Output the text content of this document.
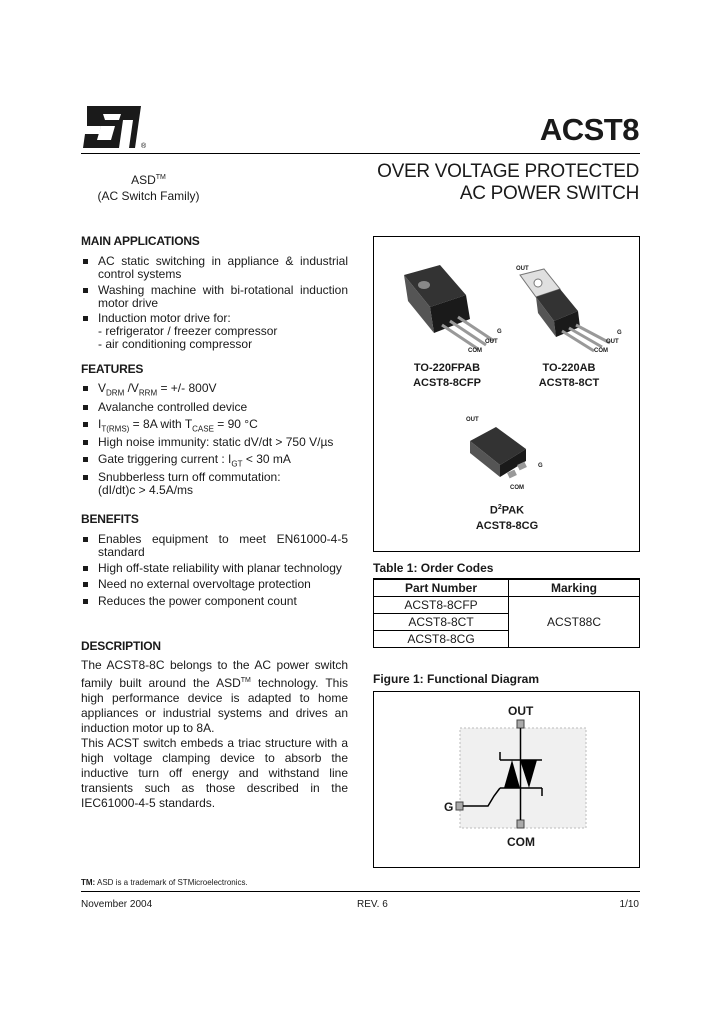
®	ACST8
ASD™
(AC Switch Family)
OVER VOLTAGE PROTECTED
AC POWER SWITCH
MAIN APPLICATIONS
AC static switching in appliance & industrial control systems
Washing machine with bi-rotational induction motor drive
Induction motor drive for:
- refrigerator / freezer compressor
- air conditioning compressor
FEATURES
$V_{DRM}$ $/V_{RRM}$ = +/- 800V
Avalanche controlled device
$I_{T(RMS)} = 8A$ with $T_{CASE} = 90$ °C
High noise immunity: static dV/dt > 750 V/µs
Gate triggering current : $I_{GT} < 30$ mA
Snubberless turn off commutation:
(dI/dt)c > 4.5A/ms
BENEFITS
Enables equipment to meet EN61000-4-5 standard
High off-state reliability with planar technology
Need no external overvoltage protection
Reduces the power component count
DESCRIPTION

The ACST8-8C belongs to the AC power switch family built around the ASD™ technology. This high performance device is adapted to home appliances or industrial systems and drives an induction motor up to 8A.

This ACST switch embeds a triac structure with a high voltage clamping device to absorb the inductive turn off energy and withstand line transients such as those described in the IEC61000-4-5 standards.

G
OUT
COM
TO-220FPAB
ACST8-8CFP
OUT
G
OUT
COM
TO-220AB
ACST8-8CT
OUT
G
COM
$D^2PAK$
ACST8-8CG
Table 1: Order Codes
Part Number	Marking
ACST8-8CFP	ACST88C
ACST8-8CT	
ACST8-8CG	
Figure 1: Functional Diagram
OUT
COM
G
TM: ASD is a trademark of STMicroelectronics.
November 2004	REV. 6	1/10
